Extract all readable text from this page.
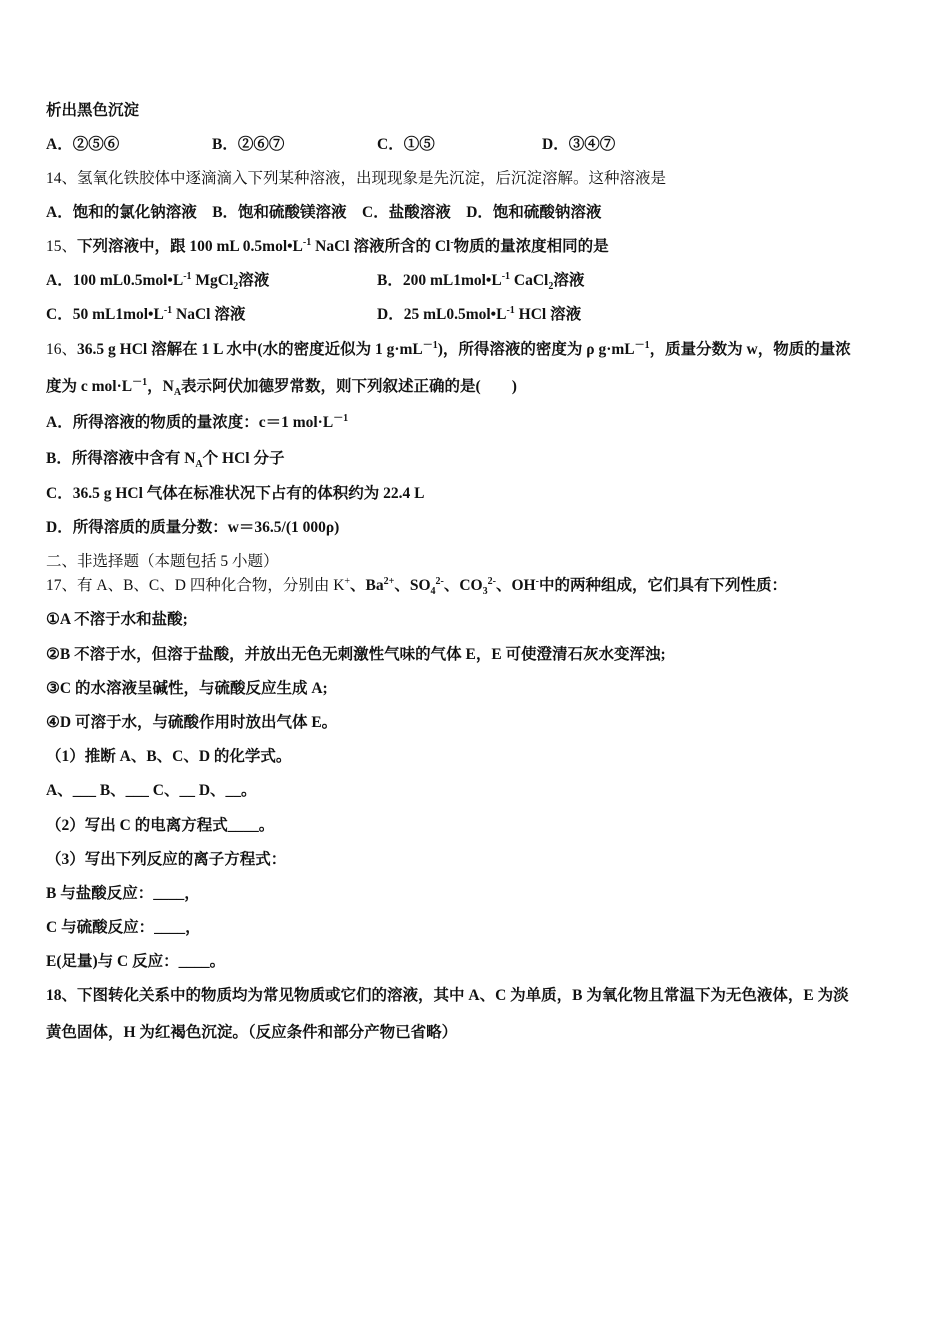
析出黑色沉淀
A．②⑤⑥	B．②⑥⑦	C．①⑤	D．③④⑦
14、氢氧化铁胶体中逐滴滴入下列某种溶液，出现现象是先沉淀，后沉淀溶解。这种溶液是
A．饱和的氯化钠溶液　B．饱和硫酸镁溶液　C．盐酸溶液　D．饱和硫酸钠溶液
15、下列溶液中，跟 100 mL $0.5mol•L^{-1}$ NaCl 溶液所含的 Cl-物质的量浓度相同的是
A．100 $mL0.5mol•L^{-1}$ MgCl$_2$溶液	B．200 $mL1mol•L^{-1}$ CaCl$_2$溶液
C．50 $mL1mol•L^{-1}$ NaCl 溶液	D．25 $mL0.5mol•L^{-1}$ HCl 溶液
16、36.5 g HCl 溶解在 1 L 水中(水的密度近似为 1 $g\cdot mL^{-1}$)，所得溶液的密度为 ρ $g\cdot mL^{-1}$，质量分数为 w，物质的量浓
度为 c $mol\cdot L^{-1}$，$N_A$表示阿伏加德罗常数，则下列叙述正确的是(　　)
A．所得溶液的物质的量浓度：c＝1 $mol\cdot L^{-1}$
B．所得溶液中含有 $N_A$个 HCl 分子
C．36.5 g HCl 气体在标准状况下占有的体积约为 22.4 L
D．所得溶质的质量分数：w＝36.5/(1 000ρ)
二、非选择题（本题包括 5 小题）
17、有 A、B、C、D 四种化合物，分别由 K+、$Ba^{2+}$、$SO_4^{2-}$、$CO_3^{2-}$、OH-中的两种组成，它们具有下列性质：
①A 不溶于水和盐酸;
②B 不溶于水，但溶于盐酸，并放出无色无刺激性气味的气体 E，E 可使澄清石灰水变浑浊;
③C 的水溶液呈碱性，与硫酸反应生成 A;
④D 可溶于水，与硫酸作用时放出气体 E。
（1）推断 A、B、C、D 的化学式。
A、___ B、___ C、__ D、__。
（2）写出 C 的电离方程式____。
（3）写出下列反应的离子方程式：
B 与盐酸反应：____，
C 与硫酸反应：____，
E(足量)与 C 反应：____。
18、下图转化关系中的物质均为常见物质或它们的溶液，其中 A、C 为单质，B 为氧化物且常温下为无色液体，E 为淡
黄色固体，H 为红褐色沉淀。（反应条件和部分产物已省略）
